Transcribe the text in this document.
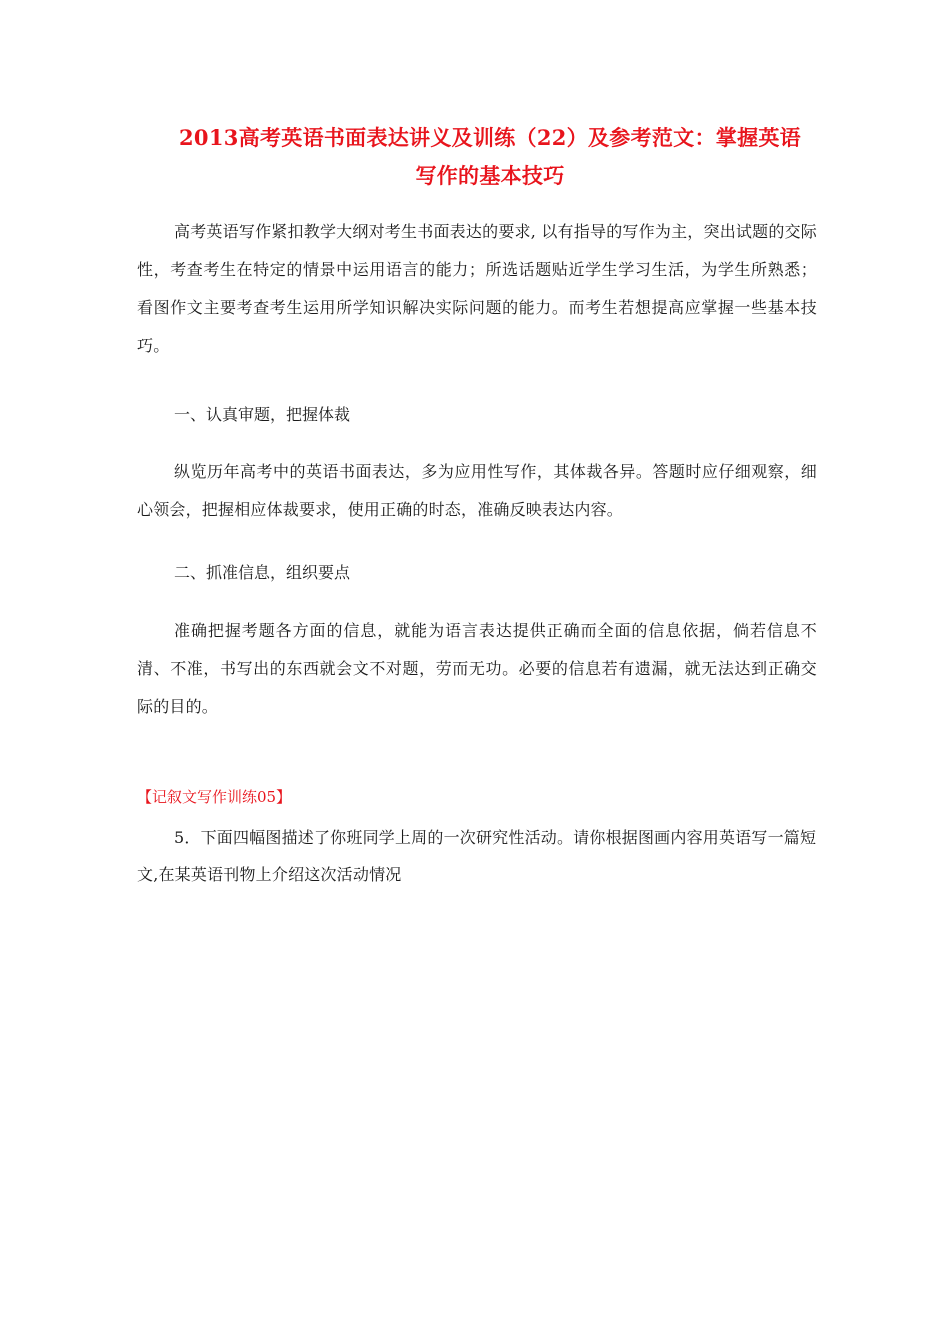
2013高考英语书面表达讲义及训练（22）及参考范文：掌握英语
写作的基本技巧

高考英语写作紧扣教学大纲对考生书面表达的要求, 以有指导的写作为主，突出试题的交际性，考查考生在特定的情景中运用语言的能力；所选话题贴近学生学习生活，为学生所熟悉；看图作文主要考查考生运用所学知识解决实际问题的能力。而考生若想提高应掌握一些基本技巧。

一、认真审题，把握体裁

纵览历年高考中的英语书面表达，多为应用性写作，其体裁各异。答题时应仔细观察，细心领会，把握相应体裁要求，使用正确的时态，准确反映表达内容。

二、抓准信息，组织要点

准确把握考题各方面的信息，就能为语言表达提供正确而全面的信息依据，倘若信息不清、不准，书写出的东西就会文不对题，劳而无功。必要的信息若有遗漏，就无法达到正确交际的目的。

【记叙文写作训练05】

5．下面四幅图描述了你班同学上周的一次研究性活动。请你根据图画内容用英语写一篇短文,在某英语刊物上介绍这次活动情况
